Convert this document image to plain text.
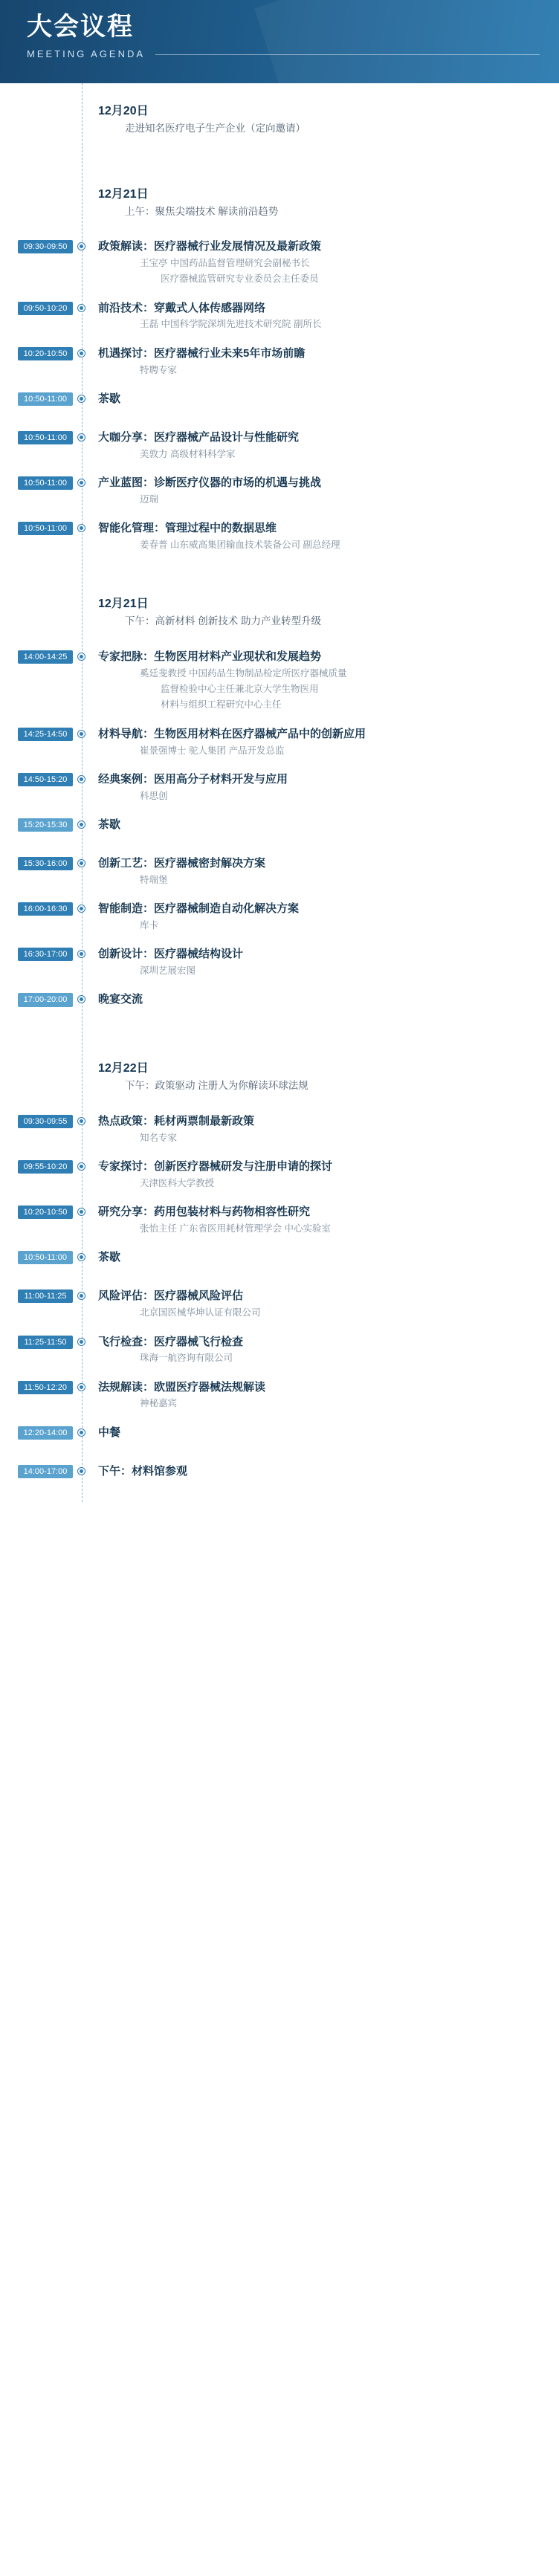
大会议程
MEETING AGENDA
12月20日
走进知名医疗电子生产企业（定向邀请）
12月21日
上午：聚焦尖端技术 解读前沿趋势
09:30-09:50	政策解读：医疗器械行业发展情况及最新政策
王宝亭 中国药品监督管理研究会副秘书长
医疗器械监管研究专业委员会主任委员
09:50-10:20	前沿技术：穿戴式人体传感器网络
王磊 中国科学院深圳先进技术研究院 副所长
10:20-10:50	机遇探讨：医疗器械行业未来5年市场前瞻
特聘专家
10:50-11:00	茶歇
10:50-11:00	大咖分享：医疗器械产品设计与性能研究
美敦力 高级材料科学家
10:50-11:00	产业蓝图：诊断医疗仪器的市场的机遇与挑战
迈瑞
10:50-11:00	智能化管理：管理过程中的数据思维
姜春普 山东威高集团输血技术装备公司 副总经理
12月21日
下午：高新材料 创新技术 助力产业转型升级
14:00-14:25	专家把脉：生物医用材料产业现状和发展趋势
奚廷斐教授 中国药品生物制品检定所医疗器械质量
监督检验中心主任兼北京大学生物医用
材料与组织工程研究中心主任
14:25-14:50	材料导航：生物医用材料在医疗器械产品中的创新应用
崔景强博士 驼人集团 产品开发总监
14:50-15:20	经典案例：医用高分子材料开发与应用
科思创
15:20-15:30	茶歇
15:30-16:00	创新工艺：医疗器械密封解决方案
特瑞堡
16:00-16:30	智能制造：医疗器械制造自动化解决方案
库卡
16:30-17:00	创新设计：医疗器械结构设计
深圳艺展宏图
17:00-20:00	晚宴交流
12月22日
下午：政策驱动 注册人为你解读环球法规
09:30-09:55	热点政策：耗材两票制最新政策
知名专家
09:55-10:20	专家探讨：创新医疗器械研发与注册申请的探讨
天津医科大学教授
10:20-10:50	研究分享：药用包装材料与药物相容性研究
张怡主任 广东省医用耗材管理学会 中心实验室
10:50-11:00	茶歇
11:00-11:25	风险评估：医疗器械风险评估
北京国医械华坤认证有限公司
11:25-11:50	飞行检查：医疗器械飞行检查
珠海一航咨询有限公司
11:50-12:20	法规解读：欧盟医疗器械法规解读
神秘嘉宾
12:20-14:00	中餐
14:00-17:00	下午：材料馆参观
